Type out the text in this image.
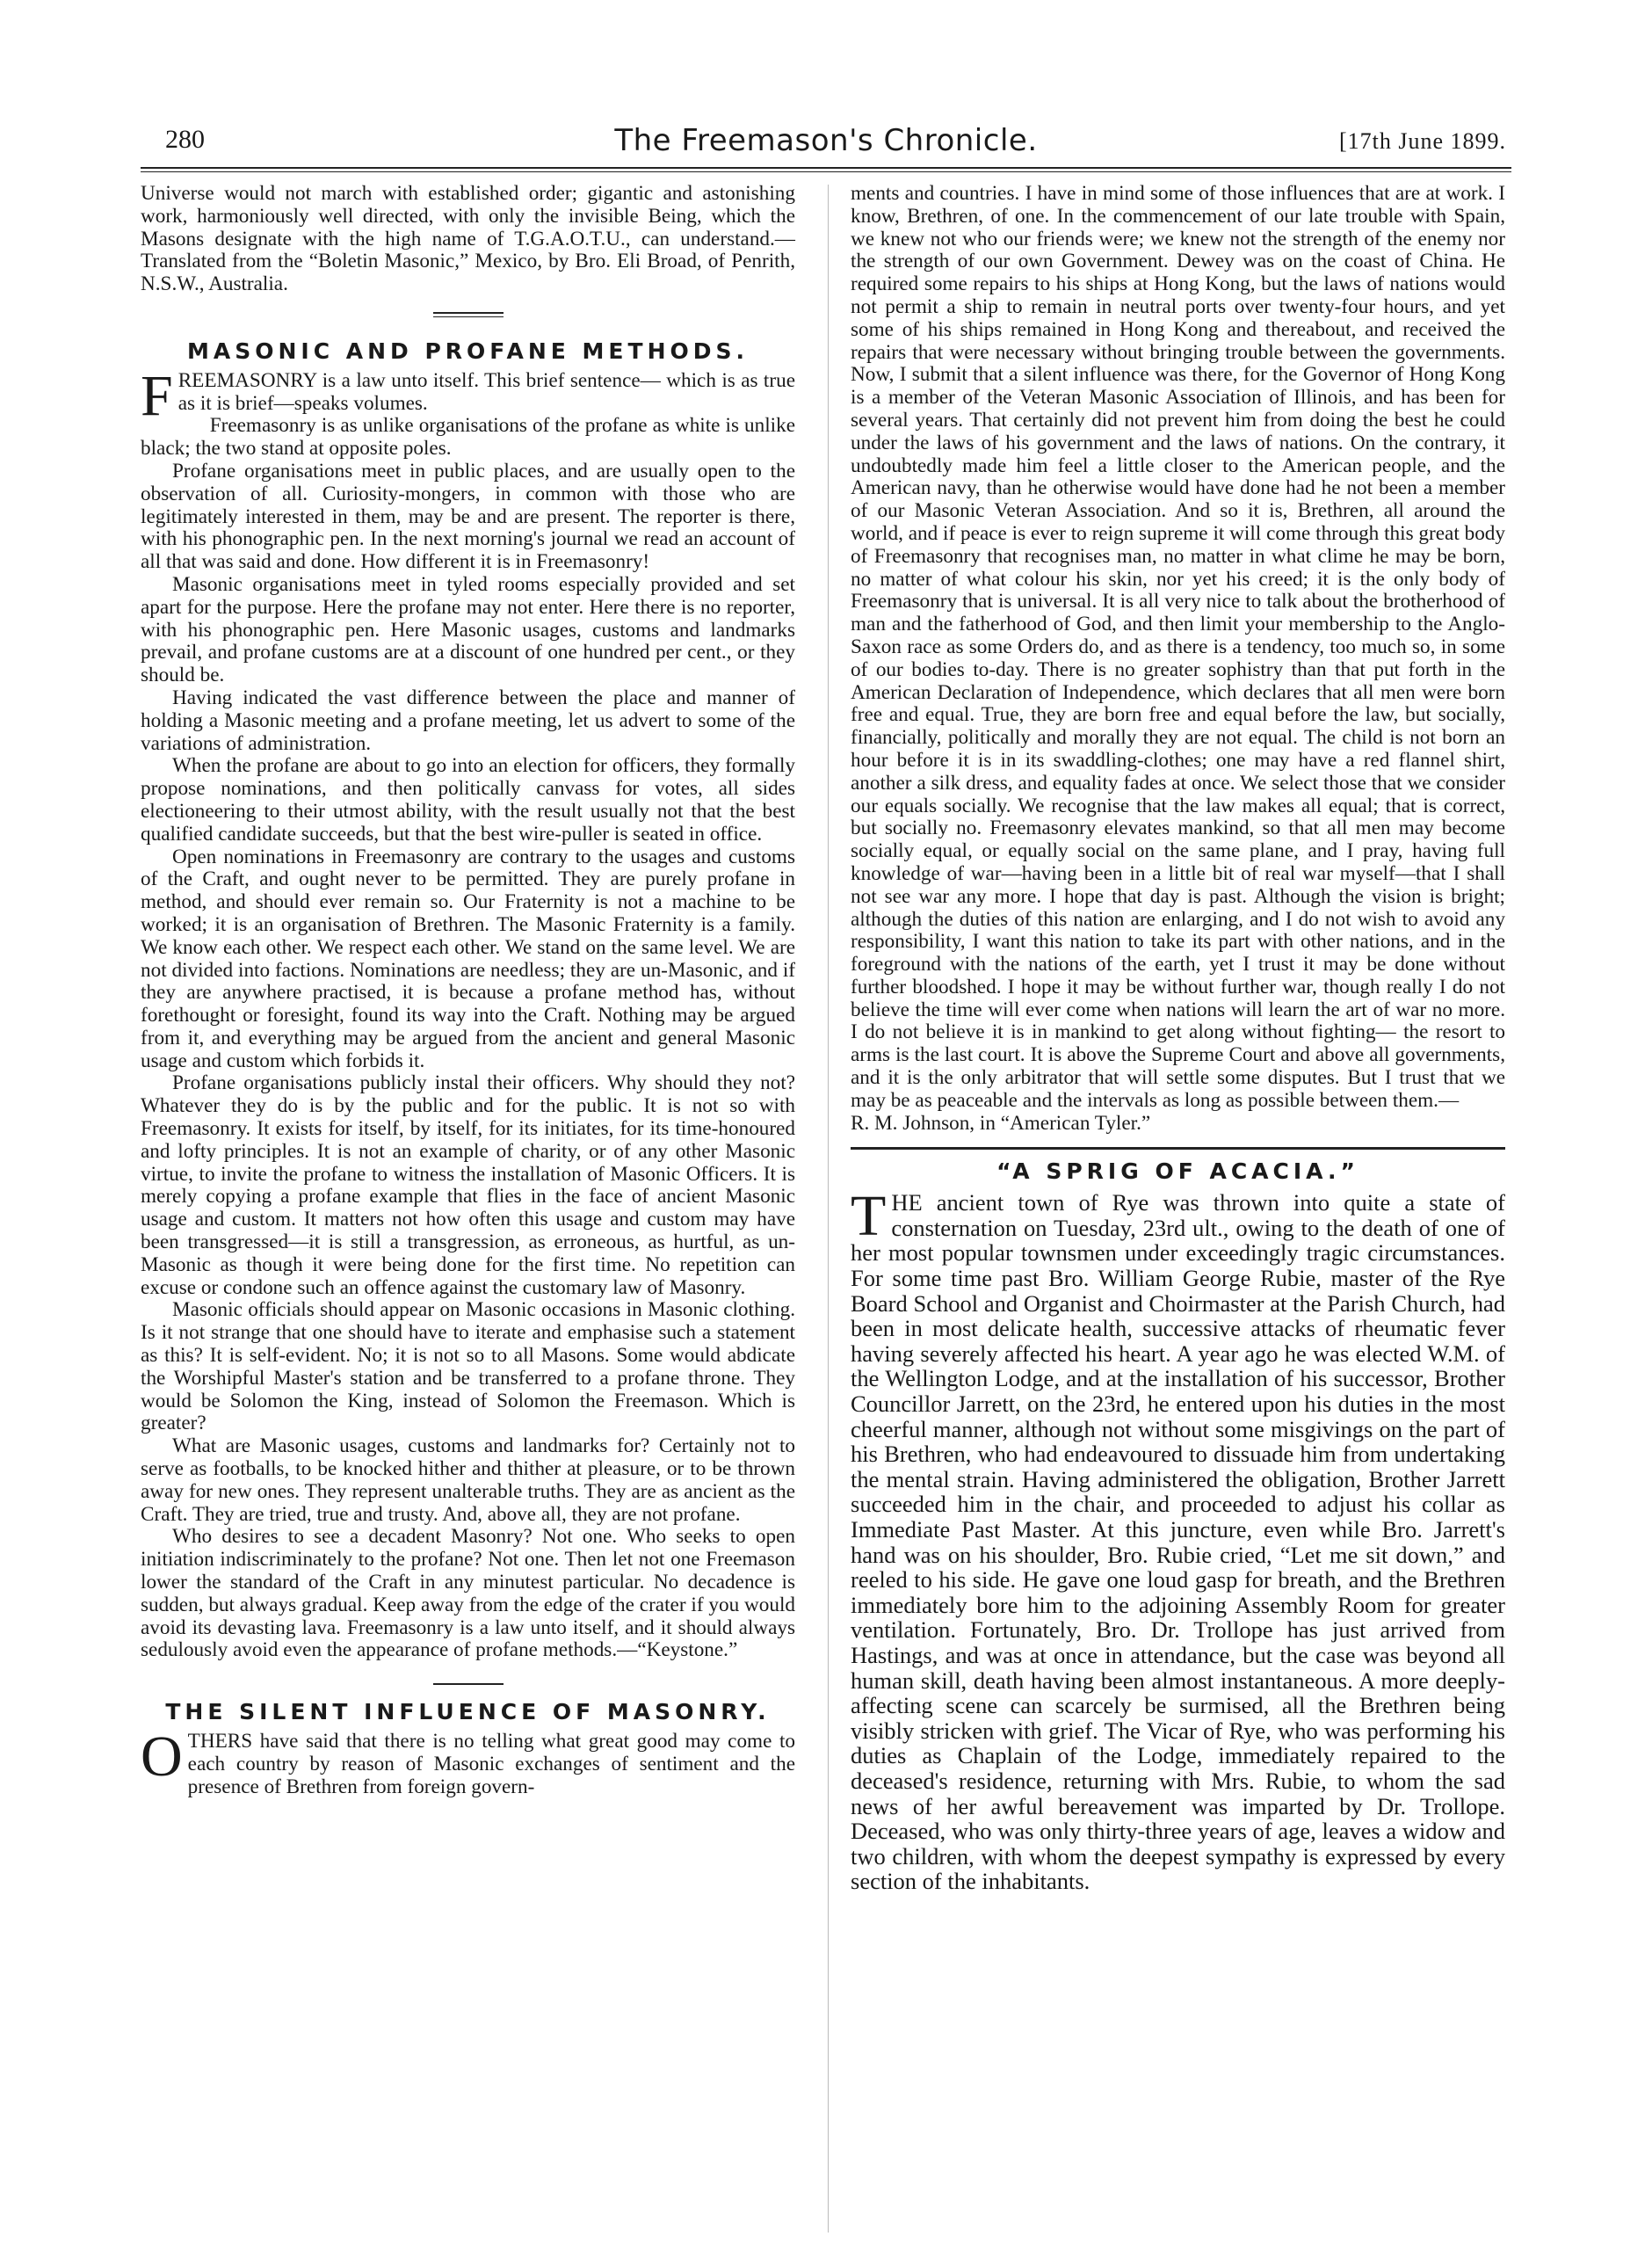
280	The Freemason's Chronicle.	[17th June 1899.

Universe would not march with established order; gigantic and astonishing work, harmoniously well directed, with only the invisible Being, which the Masons designate with the high name of T.G.A.O.T.U., can understand.—Translated from the “Boletin Masonic,” Mexico, by Bro. Eli Broad, of Penrith, N.S.W., Australia.

MASONIC AND PROFANE METHODS.

FREEMASONRY is a law unto itself. This brief sentence— which is as true as it is brief—speaks volumes.

Freemasonry is as unlike organisations of the profane as white is unlike black; the two stand at opposite poles.

Profane organisations meet in public places, and are usually open to the observation of all. Curiosity-mongers, in common with those who are legitimately interested in them, may be and are present. The reporter is there, with his phonographic pen. In the next morning's journal we read an account of all that was said and done. How different it is in Freemasonry!

Masonic organisations meet in tyled rooms especially provided and set apart for the purpose. Here the profane may not enter. Here there is no reporter, with his phonographic pen. Here Masonic usages, customs and landmarks prevail, and profane customs are at a discount of one hundred per cent., or they should be.

Having indicated the vast difference between the place and manner of holding a Masonic meeting and a profane meeting, let us advert to some of the variations of administration.

When the profane are about to go into an election for officers, they formally propose nominations, and then politically canvass for votes, all sides electioneering to their utmost ability, with the result usually not that the best qualified candidate succeeds, but that the best wire-puller is seated in office.

Open nominations in Freemasonry are contrary to the usages and customs of the Craft, and ought never to be permitted. They are purely profane in method, and should ever remain so. Our Fraternity is not a machine to be worked; it is an organisation of Brethren. The Masonic Fraternity is a family. We know each other. We respect each other. We stand on the same level. We are not divided into factions. Nominations are needless; they are un-Masonic, and if they are anywhere practised, it is because a profane method has, without forethought or foresight, found its way into the Craft. Nothing may be argued from it, and everything may be argued from the ancient and general Masonic usage and custom which forbids it.

Profane organisations publicly instal their officers. Why should they not? Whatever they do is by the public and for the public. It is not so with Freemasonry. It exists for itself, by itself, for its initiates, for its time-honoured and lofty principles. It is not an example of charity, or of any other Masonic virtue, to invite the profane to witness the installation of Masonic Officers. It is merely copying a profane example that flies in the face of ancient Masonic usage and custom. It matters not how often this usage and custom may have been transgressed—it is still a transgression, as erroneous, as hurtful, as un-Masonic as though it were being done for the first time. No repetition can excuse or condone such an offence against the customary law of Masonry.

Masonic officials should appear on Masonic occasions in Masonic clothing. Is it not strange that one should have to iterate and emphasise such a statement as this? It is self-evident. No; it is not so to all Masons. Some would abdicate the Worshipful Master's station and be transferred to a profane throne. They would be Solomon the King, instead of Solomon the Freemason. Which is greater?

What are Masonic usages, customs and landmarks for? Certainly not to serve as footballs, to be knocked hither and thither at pleasure, or to be thrown away for new ones. They represent unalterable truths. They are as ancient as the Craft. They are tried, true and trusty. And, above all, they are not profane.

Who desires to see a decadent Masonry? Not one. Who seeks to open initiation indiscriminately to the profane? Not one. Then let not one Freemason lower the standard of the Craft in any minutest particular. No decadence is sudden, but always gradual. Keep away from the edge of the crater if you would avoid its devasting lava. Freemasonry is a law unto itself, and it should always sedulously avoid even the appearance of profane methods.—“Keystone.”

THE SILENT INFLUENCE OF MASONRY.

OTHERS have said that there is no telling what great good may come to each country by reason of Masonic exchanges of sentiment and the presence of Brethren from foreign govern-

ments and countries. I have in mind some of those influences that are at work. I know, Brethren, of one. In the commencement of our late trouble with Spain, we knew not who our friends were; we knew not the strength of the enemy nor the strength of our own Government. Dewey was on the coast of China. He required some repairs to his ships at Hong Kong, but the laws of nations would not permit a ship to remain in neutral ports over twenty-four hours, and yet some of his ships remained in Hong Kong and thereabout, and received the repairs that were necessary without bringing trouble between the governments. Now, I submit that a silent influence was there, for the Governor of Hong Kong is a member of the Veteran Masonic Association of Illinois, and has been for several years. That certainly did not prevent him from doing the best he could under the laws of his government and the laws of nations. On the contrary, it undoubtedly made him feel a little closer to the American people, and the American navy, than he otherwise would have done had he not been a member of our Masonic Veteran Association. And so it is, Brethren, all around the world, and if peace is ever to reign supreme it will come through this great body of Freemasonry that recognises man, no matter in what clime he may be born, no matter of what colour his skin, nor yet his creed; it is the only body of Freemasonry that is universal. It is all very nice to talk about the brotherhood of man and the fatherhood of God, and then limit your membership to the Anglo-Saxon race as some Orders do, and as there is a tendency, too much so, in some of our bodies to-day. There is no greater sophistry than that put forth in the American Declaration of Independence, which declares that all men were born free and equal. True, they are born free and equal before the law, but socially, financially, politically and morally they are not equal. The child is not born an hour before it is in its swaddling-clothes; one may have a red flannel shirt, another a silk dress, and equality fades at once. We select those that we consider our equals socially. We recognise that the law makes all equal; that is correct, but socially no. Freemasonry elevates mankind, so that all men may become socially equal, or equally social on the same plane, and I pray, having full knowledge of war—having been in a little bit of real war myself—that I shall not see war any more. I hope that day is past. Although the vision is bright; although the duties of this nation are enlarging, and I do not wish to avoid any responsibility, I want this nation to take its part with other nations, and in the foreground with the nations of the earth, yet I trust it may be done without further bloodshed. I hope it may be without further war, though really I do not believe the time will ever come when nations will learn the art of war no more. I do not believe it is in mankind to get along without fighting— the resort to arms is the last court. It is above the Supreme Court and above all governments, and it is the only arbitrator that will settle some disputes. But I trust that we may be as peaceable and the intervals as long as possible between them.—

R. M. Johnson, in “American Tyler.”

“A SPRIG OF ACACIA.”

THE ancient town of Rye was thrown into quite a state of consternation on Tuesday, 23rd ult., owing to the death of one of her most popular townsmen under exceedingly tragic circumstances. For some time past Bro. William George Rubie, master of the Rye Board School and Organist and Choirmaster at the Parish Church, had been in most delicate health, successive attacks of rheumatic fever having severely affected his heart. A year ago he was elected W.M. of the Wellington Lodge, and at the installation of his successor, Brother Councillor Jarrett, on the 23rd, he entered upon his duties in the most cheerful manner, although not without some misgivings on the part of his Brethren, who had endeavoured to dissuade him from undertaking the mental strain. Having administered the obligation, Brother Jarrett succeeded him in the chair, and proceeded to adjust his collar as Immediate Past Master. At this juncture, even while Bro. Jarrett's hand was on his shoulder, Bro. Rubie cried, “Let me sit down,” and reeled to his side. He gave one loud gasp for breath, and the Brethren immediately bore him to the adjoining Assembly Room for greater ventilation. Fortunately, Bro. Dr. Trollope has just arrived from Hastings, and was at once in attendance, but the case was beyond all human skill, death having been almost instantaneous. A more deeply-affecting scene can scarcely be surmised, all the Brethren being visibly stricken with grief. The Vicar of Rye, who was performing his duties as Chaplain of the Lodge, immediately repaired to the deceased's residence, returning with Mrs. Rubie, to whom the sad news of her awful bereavement was imparted by Dr. Trollope. Deceased, who was only thirty-three years of age, leaves a widow and two children, with whom the deepest sympathy is expressed by every section of the inhabitants.
